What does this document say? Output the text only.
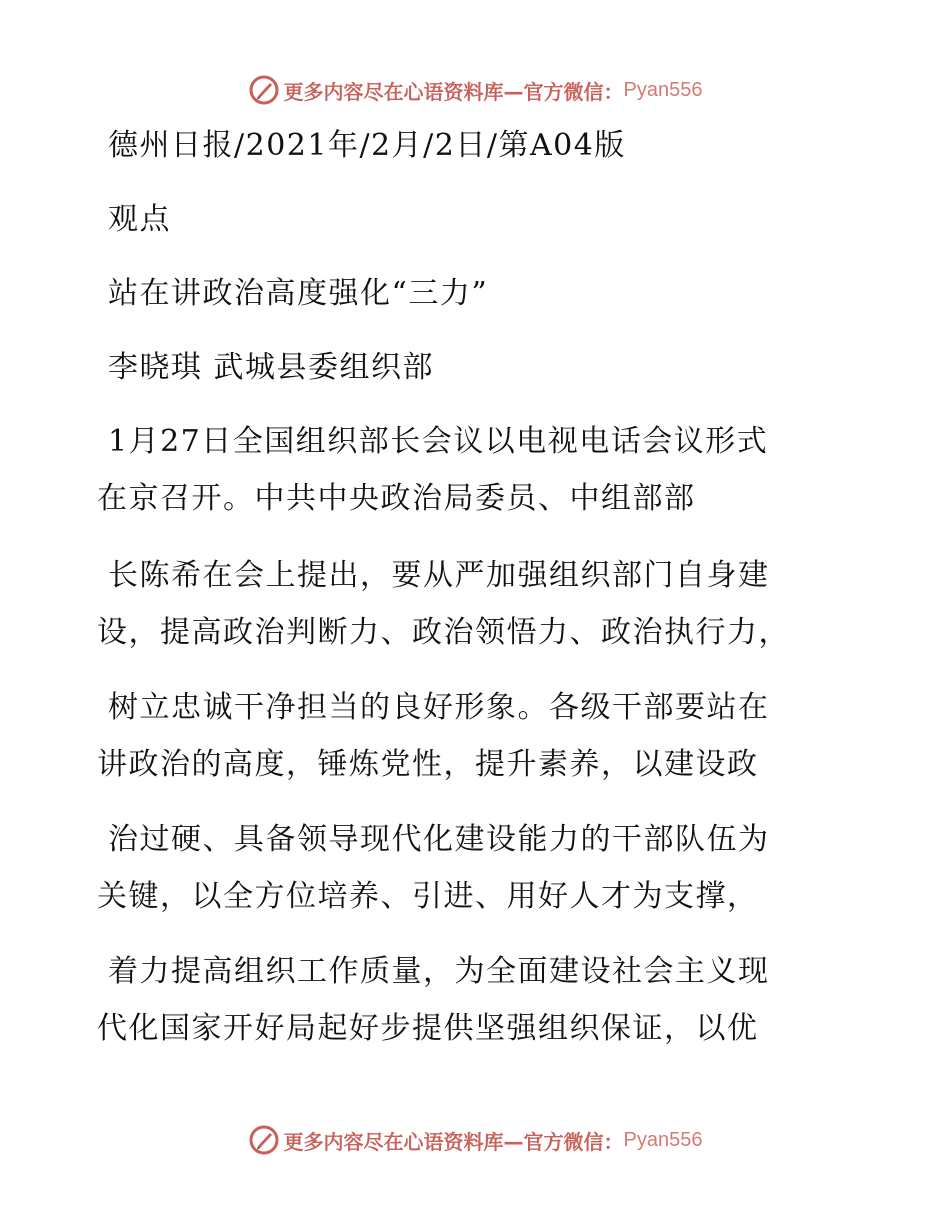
更多内容尽在心语资料库—官方微信： Pyan556
德州日报/2021年/2月/2日/第A04版
观点
站在讲政治高度强化“三力”
李晓琪 武城县委组织部
1月27日全国组织部长会议以电视电话会议形式
在京召开。中共中央政治局委员、中组部部
长陈希在会上提出，要从严加强组织部门自身建
设，提高政治判断力、政治领悟力、政治执行力，
树立忠诚干净担当的良好形象。各级干部要站在
讲政治的高度，锤炼党性，提升素养，以建设政
治过硬、具备领导现代化建设能力的干部队伍为
关键，以全方位培养、引进、用好人才为支撑，
着力提高组织工作质量，为全面建设社会主义现
代化国家开好局起好步提供坚强组织保证，以优
更多内容尽在心语资料库—官方微信： Pyan556
